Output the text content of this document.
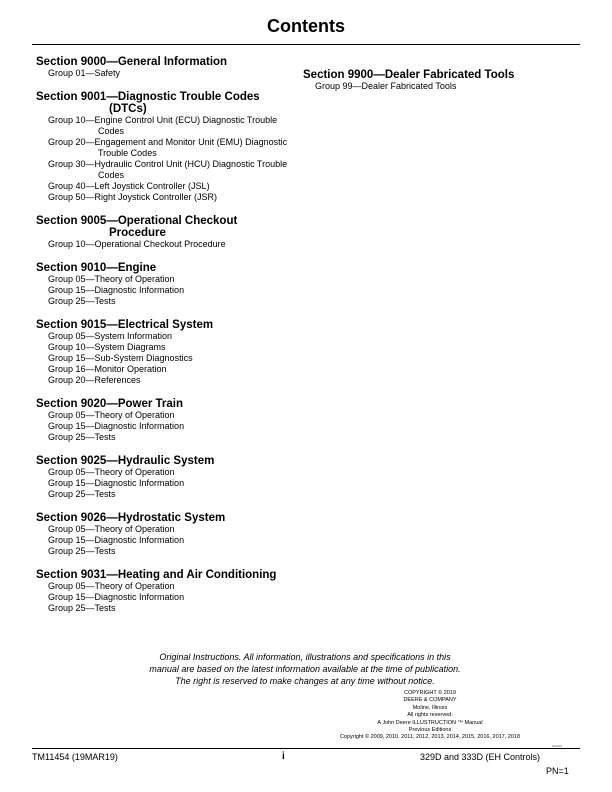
Contents
Section 9000—General Information
Group 01—Safety
Section 9001—Diagnostic Trouble Codes (DTCs)
Group 10—Engine Control Unit (ECU) Diagnostic Trouble Codes
Group 20—Engagement and Monitor Unit (EMU) Diagnostic Trouble Codes
Group 30—Hydraulic Control Unit (HCU) Diagnostic Trouble Codes
Group 40—Left Joystick Controller (JSL)
Group 50—Right Joystick Controller (JSR)
Section 9005—Operational Checkout Procedure
Group 10—Operational Checkout Procedure
Section 9010—Engine
Group 05—Theory of Operation
Group 15—Diagnostic Information
Group 25—Tests
Section 9015—Electrical System
Group 05—System Information
Group 10—System Diagrams
Group 15—Sub-System Diagnostics
Group 16—Monitor Operation
Group 20—References
Section 9020—Power Train
Group 05—Theory of Operation
Group 15—Diagnostic Information
Group 25—Tests
Section 9025—Hydraulic System
Group 05—Theory of Operation
Group 15—Diagnostic Information
Group 25—Tests
Section 9026—Hydrostatic System
Group 05—Theory of Operation
Group 15—Diagnostic Information
Group 25—Tests
Section 9031—Heating and Air Conditioning
Group 05—Theory of Operation
Group 15—Diagnostic Information
Group 25—Tests
Section 9900—Dealer Fabricated Tools
Group 99—Dealer Fabricated Tools
Original Instructions. All information, illustrations and specifications in this
manual are based on the latest information available at the time of publication.
The right is reserved to make changes at any time without notice.
COPYRIGHT © 2019
DEERE & COMPANY
Moline, Illinois
All rights reserved.
A John Deere ILLUSTRUCTION ™ Manual
Previous Editions
Copyright © 2009, 2010, 2011, 2012, 2013, 2014, 2015, 2016, 2017, 2018
031919
TM11454 (19MAR19)	i	329D and 333D (EH Controls)
PN=1
